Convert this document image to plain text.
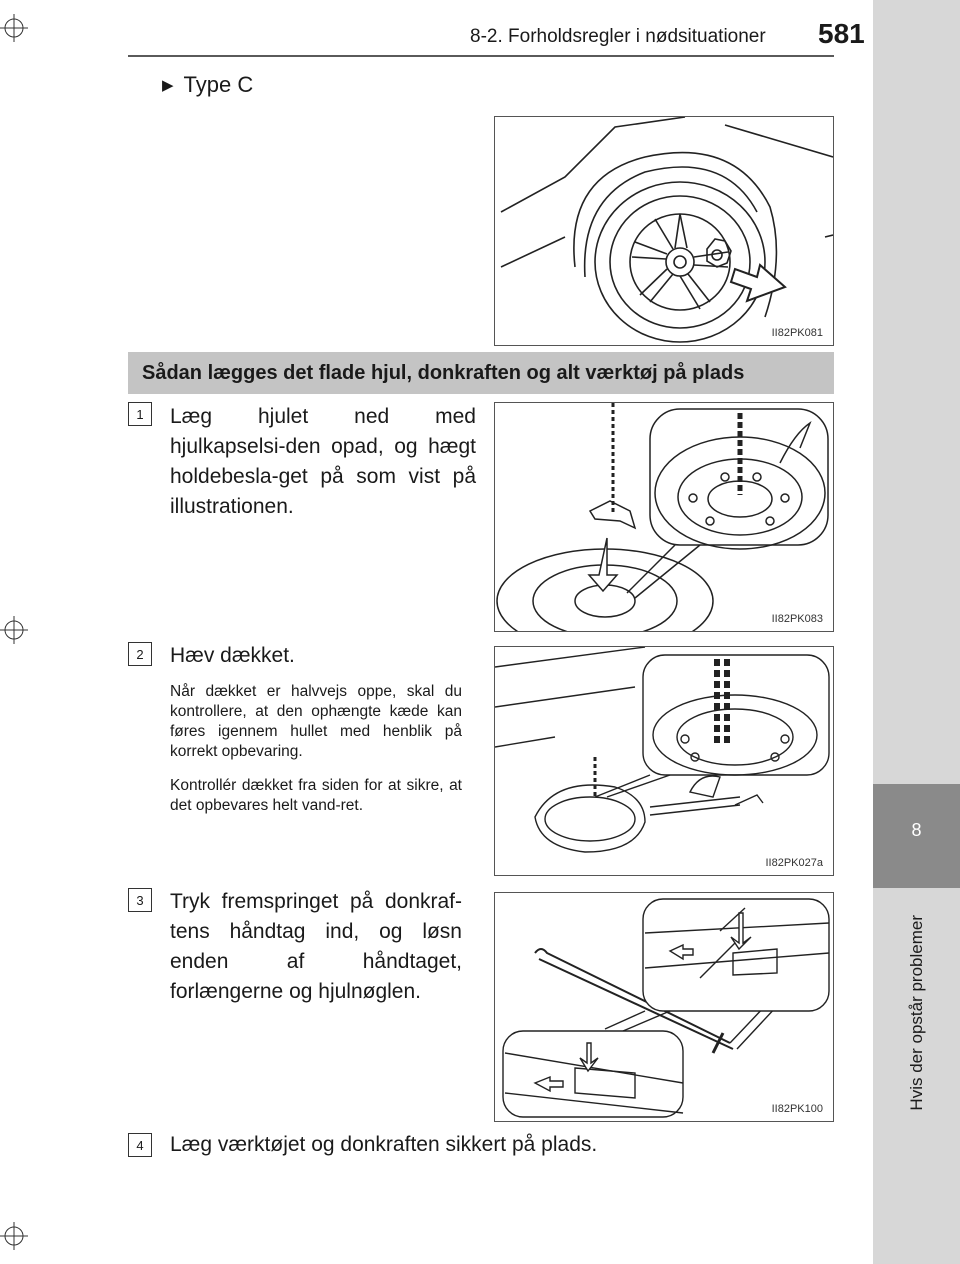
8
Hvis der opstår problemer
8-2. Forholdsregler i nødsituationer 581
▶ Type C
II82PK081
Sådan lægges det flade hjul, donkraften og alt værktøj på plads
1	Læg hjulet ned med hjulkapselsi-den opad, og hægt holdebesla-get på som vist på illustrationen.
II82PK083
2	Hæv dækket.
Når dækket er halvvejs oppe, skal du kontrollere, at den ophængte kæde kan føres igennem hullet med henblik på korrekt opbevaring.
Kontrollér dækket fra siden for at sikre, at det opbevares helt vand-ret.
II82PK027a
3	Tryk fremspringet på donkraf-tens håndtag ind, og løsn enden af håndtaget, forlængerne og hjulnøglen.
II82PK100
4	Læg værktøjet og donkraften sikkert på plads.
